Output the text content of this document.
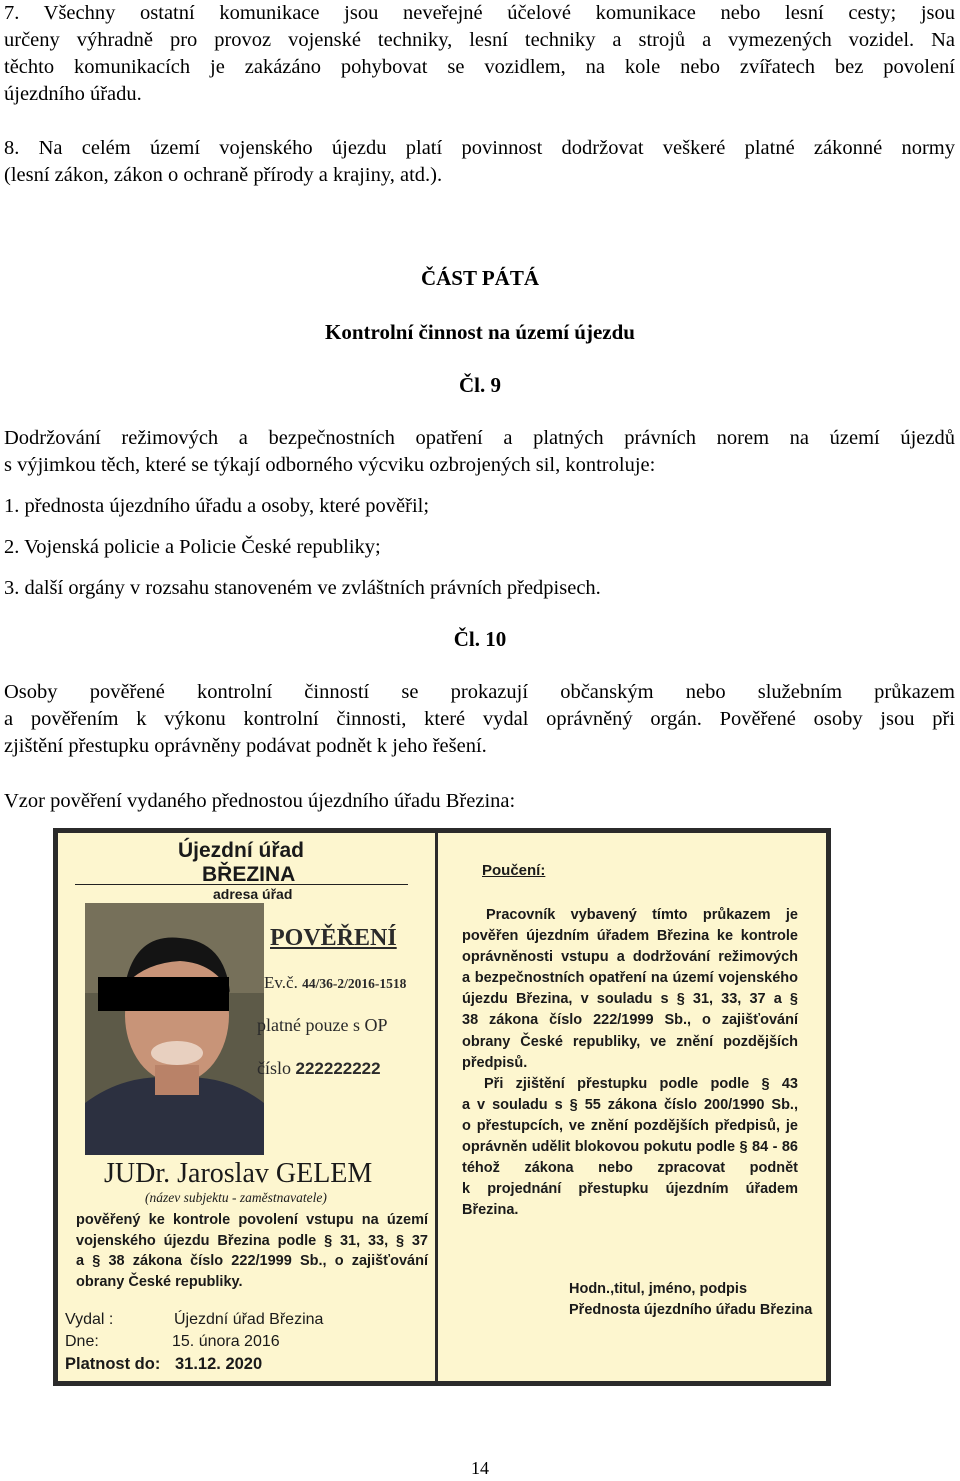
7. Všechny ostatní komunikace jsou neveřejné účelové komunikace nebo lesní cesty; jsou
určeny výhradně pro provoz vojenské techniky, lesní techniky a strojů a vymezených vozidel. Na
těchto komunikacích je zakázáno pohybovat se vozidlem, na kole nebo zvířatech bez povolení
újezdního úřadu.
8. Na celém území vojenského újezdu platí povinnost dodržovat veškeré platné zákonné normy
(lesní zákon, zákon o ochraně přírody a krajiny, atd.).
ČÁST PÁTÁ
Kontrolní činnost na území újezdu
Čl. 9
Dodržování režimových a bezpečnostních opatření a platných právních norem na území újezdů
s výjimkou těch, které se týkají odborného výcviku ozbrojených sil, kontroluje:
1. přednosta újezdního úřadu a osoby, které pověřil;
2. Vojenská policie a Policie České republiky;
3. další orgány v rozsahu stanoveném ve zvláštních právních předpisech.
Čl. 10
Osoby pověřené kontrolní činností se prokazují občanským nebo služebním průkazem
a pověřením k výkonu kontrolní činnosti, které vydal oprávněný orgán. Pověřené osoby jsou při
zjištění přestupku oprávněny podávat podnět k jeho řešení.
Vzor pověření vydaného přednostou újezdního úřadu Březina:
Újezdní úřad
BŘEZINA
adresa úřad
POVĚŘENÍ
Ev.č. 44/36-2/2016-1518
platné pouze s OP
číslo 222222222
JUDr. Jaroslav GELEM
(název subjektu - zaměstnavatele)
pověřený ke kontrole povolení vstupu na území
vojenského újezdu Březina podle § 31, 33, § 37
a § 38 zákona číslo 222/1999 Sb., o zajišťování
obrany České republiky.
Vydal :	Újezdní úřad Březina
Dne:	15. února 2016
Platnost do: 31.12. 2020
Poučení:
Pracovník vybavený tímto průkazem je
pověřen újezdním úřadem Březina ke kontrole
oprávněnosti vstupu a dodržování režimových
a bezpečnostních opatření na území vojenského
újezdu Březina, v souladu s § 31, 33, 37 a §
38 zákona číslo 222/1999 Sb., o zajišťování
obrany České republiky, ve znění pozdějších
předpisů.
Při zjištění přestupku podle podle § 43
a v souladu s § 55 zákona číslo 200/1990 Sb.,
o přestupcích, ve znění pozdějších předpisů, je
oprávněn udělit blokovou pokutu podle § 84 - 86
téhož zákona nebo zpracovat podnět
k projednání přestupku újezdním úřadem
Březina.
Hodn.,titul, jméno, podpis
Přednosta újezdního úřadu Březina
14
